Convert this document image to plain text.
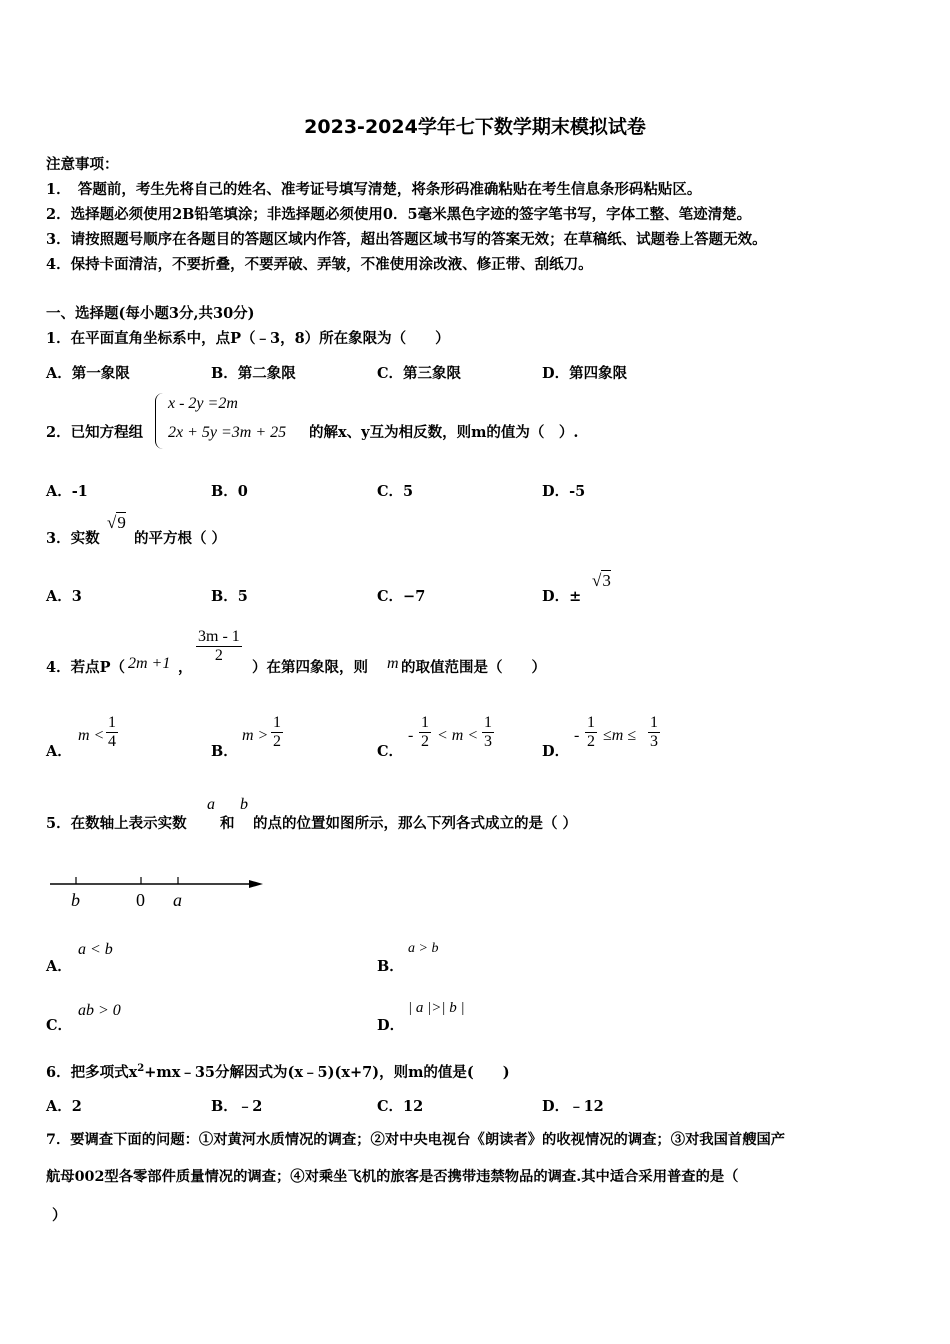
2023-2024学年七下数学期末模拟试卷
注意事项：
1．　答题前，考生先将自己的姓名、准考证号填写清楚，将条形码准确粘贴在考生信息条形码粘贴区。
2．选择题必须使用2B铅笔填涂；非选择题必须使用0．5毫米黑色字迹的签字笔书写，字体工整、笔迹清楚。
3．请按照题号顺序在各题目的答题区域内作答，超出答题区域书写的答案无效；在草稿纸、试题卷上答题无效。
4．保持卡面清洁，不要折叠，不要弄破、弄皱，不准使用涂改液、修正带、刮纸刀。
一、选择题(每小题3分,共30分)
1．在平面直角坐标系中，点P（﹣3，8）所在象限为（　　）
A．第一象限	B．第二象限	C．第三象限	D．第四象限
2．已知方程组
x - 2y =2m
2x + 5y =3m + 25 的解x、y互为相反数，则m的值为（　）.
A．-1	B．0	C．5	D．-5
3．实数
√9
的平方根（ ）
A．3	B．5	C．−7	D．±
√3
4．若点P（ 2m +1 ，
$\frac{3m - 1}{2}$
）在第四象限，则 m 的取值范围是（　　）
A．
$m < \frac{1}{4}$
B．
$m > \frac{1}{2}$
C．
- $\frac{1}{2} < m < \frac{1}{3}$
D．
- $\frac{1}{2} \le m \le \frac{1}{3}$
5．在数轴上表示实数
a
和
b
的点的位置如图所示，那么下列各式成立的是（ ）
b	0 a
A．
a < b
B．
a > b
C．
ab > 0
D．
| a |>| b |
6．把多项式$x^2+mx﹣35$分解因式为(x﹣5)(x+7)，则m的值是(　　)
A．2	B．﹣2	C．12	D．﹣12
7．要调查下面的问题：①对黄河水质情况的调查；②对中央电视台《朗读者》的收视情况的调查；③对我国首艘国产
航母002型各零部件质量情况的调查；④对乘坐飞机的旅客是否携带违禁物品的调查.其中适合采用普查的是（
）
